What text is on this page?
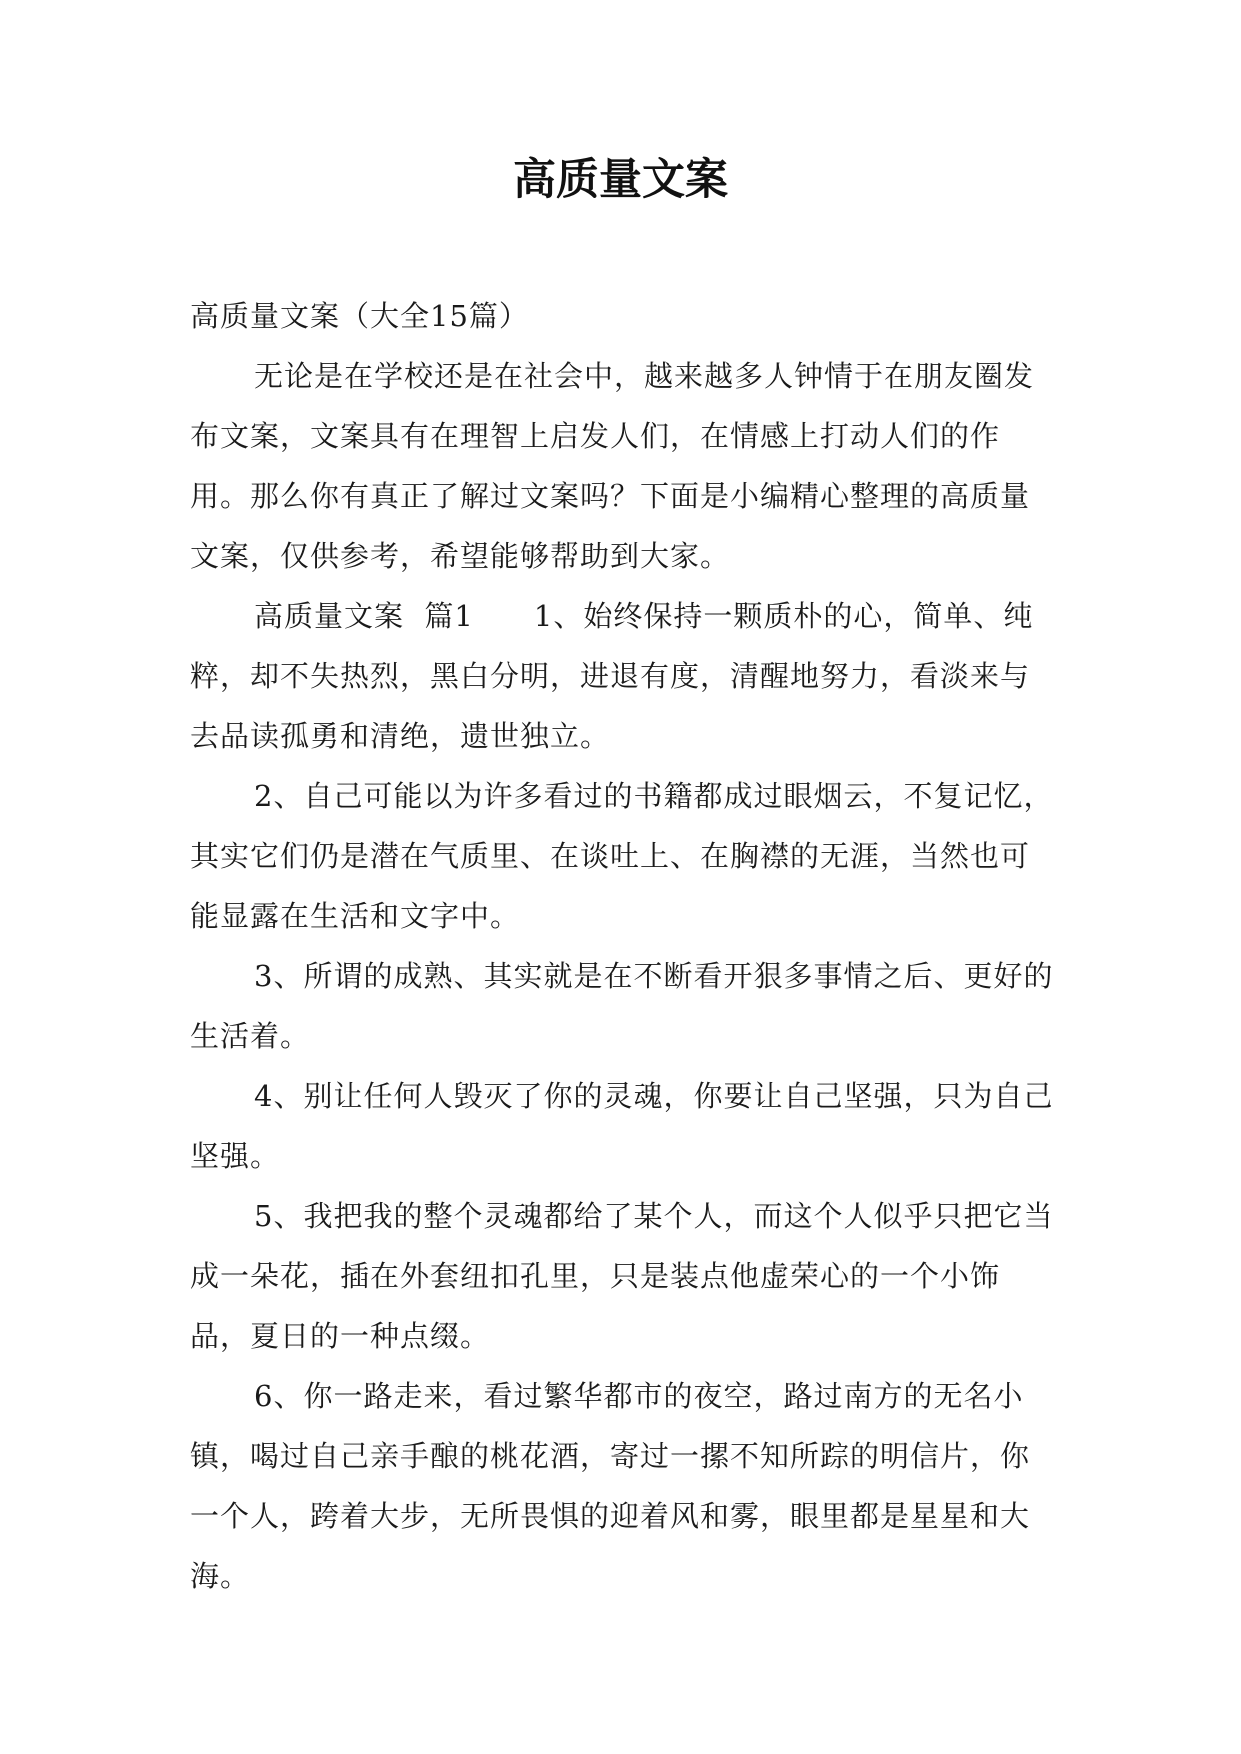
高质量文案

高质量文案（大全15篇）

无论是在学校还是在社会中，越来越多人钟情于在朋友圈发布文案，文案具有在理智上启发人们，在情感上打动人们的作用。那么你有真正了解过文案吗？下面是小编精心整理的高质量文案，仅供参考，希望能够帮助到大家。

高质量文案  篇1　　1、始终保持一颗质朴的心，简单、纯粹，却不失热烈，黑白分明，进退有度，清醒地努力，看淡来与去品读孤勇和清绝，遗世独立。

2、自己可能以为许多看过的书籍都成过眼烟云，不复记忆，其实它们仍是潜在气质里、在谈吐上、在胸襟的无涯，当然也可能显露在生活和文字中。

3、所谓的成熟、其实就是在不断看开狠多事情之后、更好的生活着。

4、别让任何人毁灭了你的灵魂，你要让自己坚强，只为自己坚强。

5、我把我的整个灵魂都给了某个人，而这个人似乎只把它当成一朵花，插在外套纽扣孔里，只是装点他虚荣心的一个小饰品，夏日的一种点缀。

6、你一路走来，看过繁华都市的夜空，路过南方的无名小镇，喝过自己亲手酿的桃花酒，寄过一摞不知所踪的明信片，你一个人，跨着大步，无所畏惧的迎着风和雾，眼里都是星星和大海。
